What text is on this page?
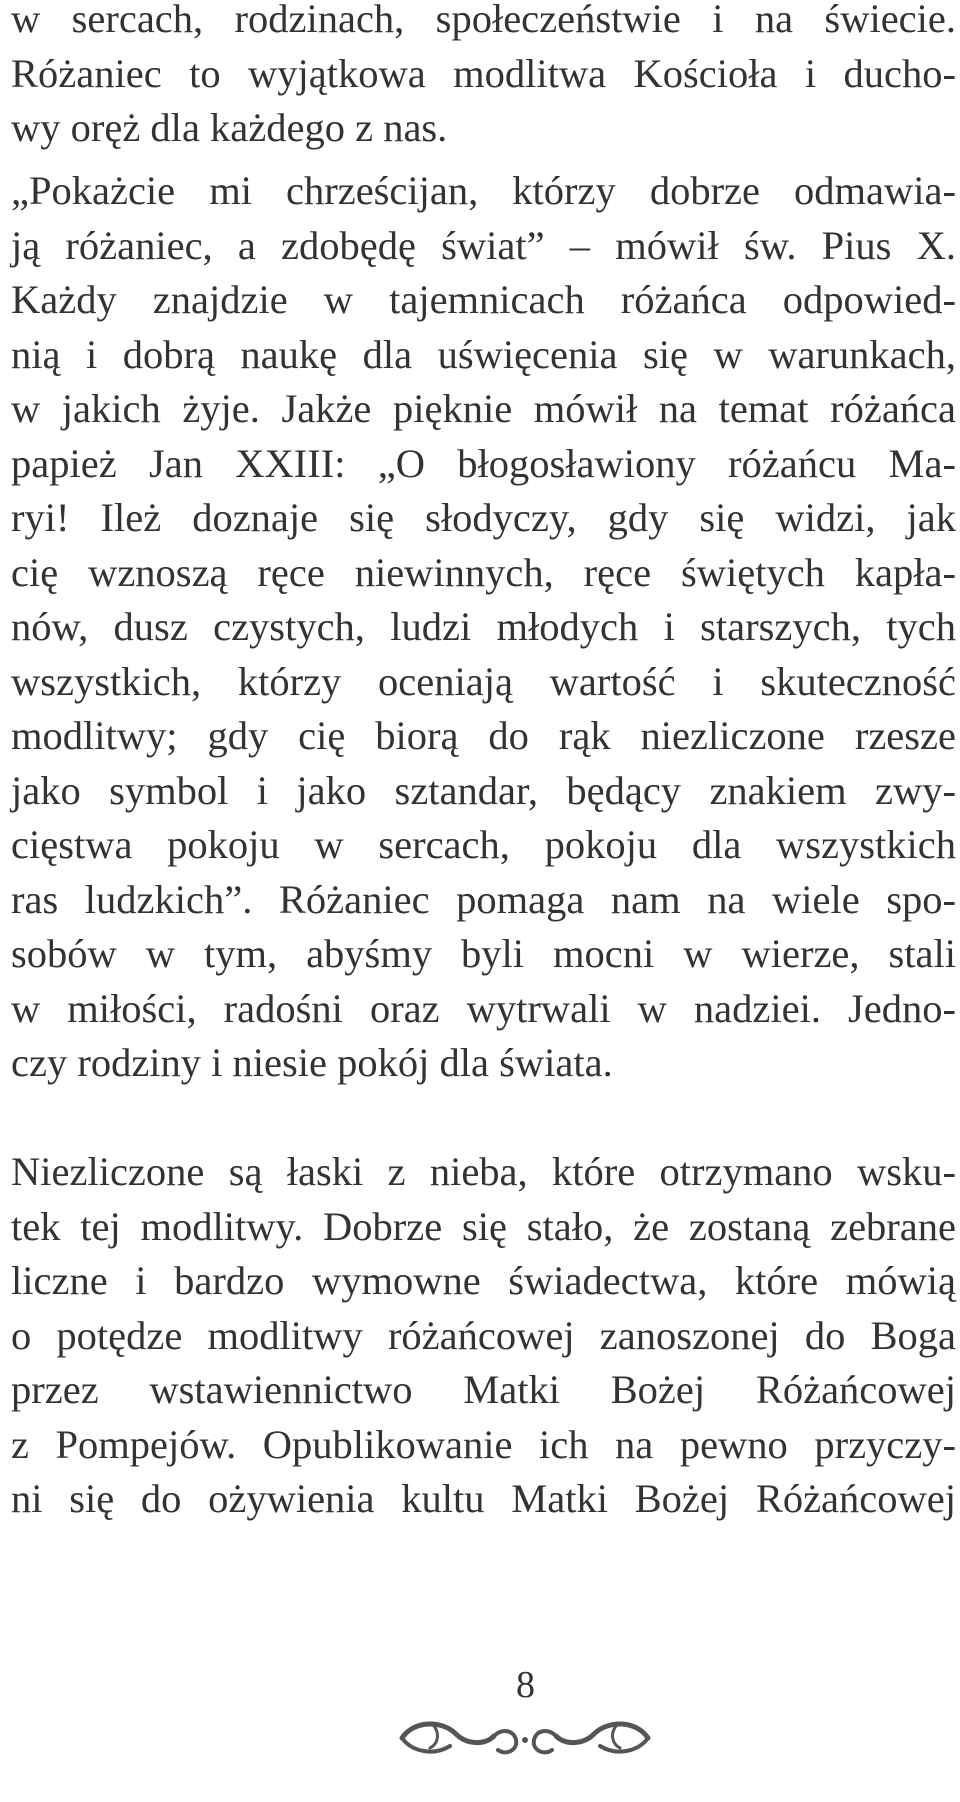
w sercach, rodzinach, społeczeństwie i na świecie.
Różaniec to wyjątkowa modlitwa Kościoła i ducho-
wy oręż dla każdego z nas.
„Pokażcie mi chrześcijan, którzy dobrze odmawia-
ją różaniec, a zdobędę świat” – mówił św. Pius X.
Każdy znajdzie w tajemnicach różańca odpowied-
nią i dobrą naukę dla uświęcenia się w warunkach,
w jakich żyje. Jakże pięknie mówił na temat różańca
papież Jan XXIII: „O błogosławiony różańcu Ma-
ryi! Ileż doznaje się słodyczy, gdy się widzi, jak
cię wznoszą ręce niewinnych, ręce świętych kapła-
nów, dusz czystych, ludzi młodych i starszych, tych
wszystkich, którzy oceniają wartość i skuteczność
modlitwy; gdy cię biorą do rąk niezliczone rzesze
jako symbol i jako sztandar, będący znakiem zwy-
cięstwa pokoju w sercach, pokoju dla wszystkich
ras ludzkich”. Różaniec pomaga nam na wiele spo-
sobów w tym, abyśmy byli mocni w wierze, stali
w miłości, radośni oraz wytrwali w nadziei. Jedno-
czy rodziny i niesie pokój dla świata.
Niezliczone są łaski z nieba, które otrzymano wsku-
tek tej modlitwy. Dobrze się stało, że zostaną zebrane
liczne i bardzo wymowne świadectwa, które mówią
o potędze modlitwy różańcowej zanoszonej do Boga
przez wstawiennictwo Matki Bożej Różańcowej
z Pompejów. Opublikowanie ich na pewno przyczy-
ni się do ożywienia kultu Matki Bożej Różańcowej
8
